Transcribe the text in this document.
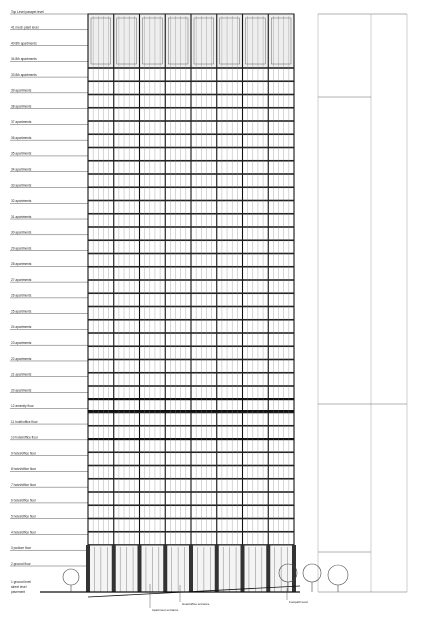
Top Level parapet level
41 mech plant level
40 8th apartments
34 8th apartments
33 8th apartments
39 apartments
38 apartments
37 apartments
36 apartments
35 apartments
34 apartments
33 apartments
32 apartments
31 apartments
30 apartments
29 apartments
28 apartments
27 apartments
26 apartments
25 apartments
24 apartments
23 apartments
22 apartments
21 apartments
20 apartments
12 amenity floor
11 hotel/office floor
10 hotel/office floor
9 hotel/office floor
8 hotel/office floor
7 hotel/office floor
6 hotel/office floor
5 hotel/office floor
4 hotel/office floor
3 podium floor
2 ground floor
Apartment entrance
Hotel/office entrance	Footpath level
1 ground level
street level
pavement
